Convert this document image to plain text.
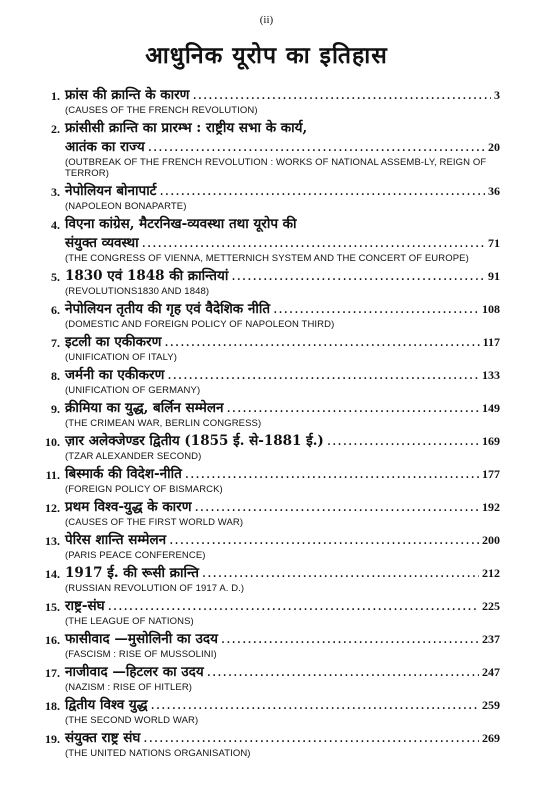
(ii)
आधुनिक यूरोप का इतिहास
1. फ्रांस की क्रान्ति के कारण .....	3
(CAUSES OF THE FRENCH REVOLUTION)
2. फ्रांसीसी क्रान्ति का प्रारम्भ : राष्ट्रीय सभा के कार्य,
आतंक का राज्य .....	20
(OUTBREAK OF THE FRENCH REVOLUTION : WORKS OF NATIONAL ASSEMB-LY, REIGN OF TERROR)
3. नेपोलियन बोनापार्ट .....	36
(NAPOLEON BONAPARTE)
4. विएना कांग्रेस, मैटरनिख-व्यवस्था तथा यूरोप की
संयुक्त व्यवस्था .....	71
(THE CONGRESS OF VIENNA, METTERNICH SYSTEM AND THE CONCERT OF EUROPE)
5. 1830 एवं 1848 की क्रान्तियां .....	91
(REVOLUTIONS1830 AND 1848)
6. नेपोलियन तृतीय की गृह एवं वैदेशिक नीति .....	108
(DOMESTIC AND FOREIGN POLICY OF NAPOLEON THIRD)
7. इटली का एकीकरण .....	117
(UNIFICATION OF ITALY)
8. जर्मनी का एकीकरण .....	133
(UNIFICATION OF GERMANY)
9. क्रीमिया का युद्ध, बर्लिन सम्मेलन .....	149
(THE CRIMEAN WAR, BERLIN CONGRESS)
10. ज़ार अलेक्जेण्डर द्वितीय (1855 ई. से-1881 ई.) .....	169
(TZAR ALEXANDER SECOND)
11. बिस्मार्क की विदेश-नीति .....	177
(FOREIGN POLICY OF BISMARCK)
12. प्रथम विश्व-युद्ध के कारण .....	192
(CAUSES OF THE FIRST WORLD WAR)
13. पेरिस शान्ति सम्मेलन .....	200
(PARIS PEACE CONFERENCE)
14. 1917 ई. की रूसी क्रान्ति .....	212
(RUSSIAN REVOLUTION OF 1917 A. D.)
15. राष्ट्र-संघ .....	225
(THE LEAGUE OF NATIONS)
16. फासीवाद —मुसोलिनी का उदय .....	237
(FASCISM : RISE OF MUSSOLINI)
17. नाजीवाद —हिटलर का उदय .....	247
(NAZISM : RISE OF HITLER)
18. द्वितीय विश्व युद्ध .....	259
(THE SECOND WORLD WAR)
19. संयुक्त राष्ट्र संघ .....	269
(THE UNITED NATIONS ORGANISATION)
